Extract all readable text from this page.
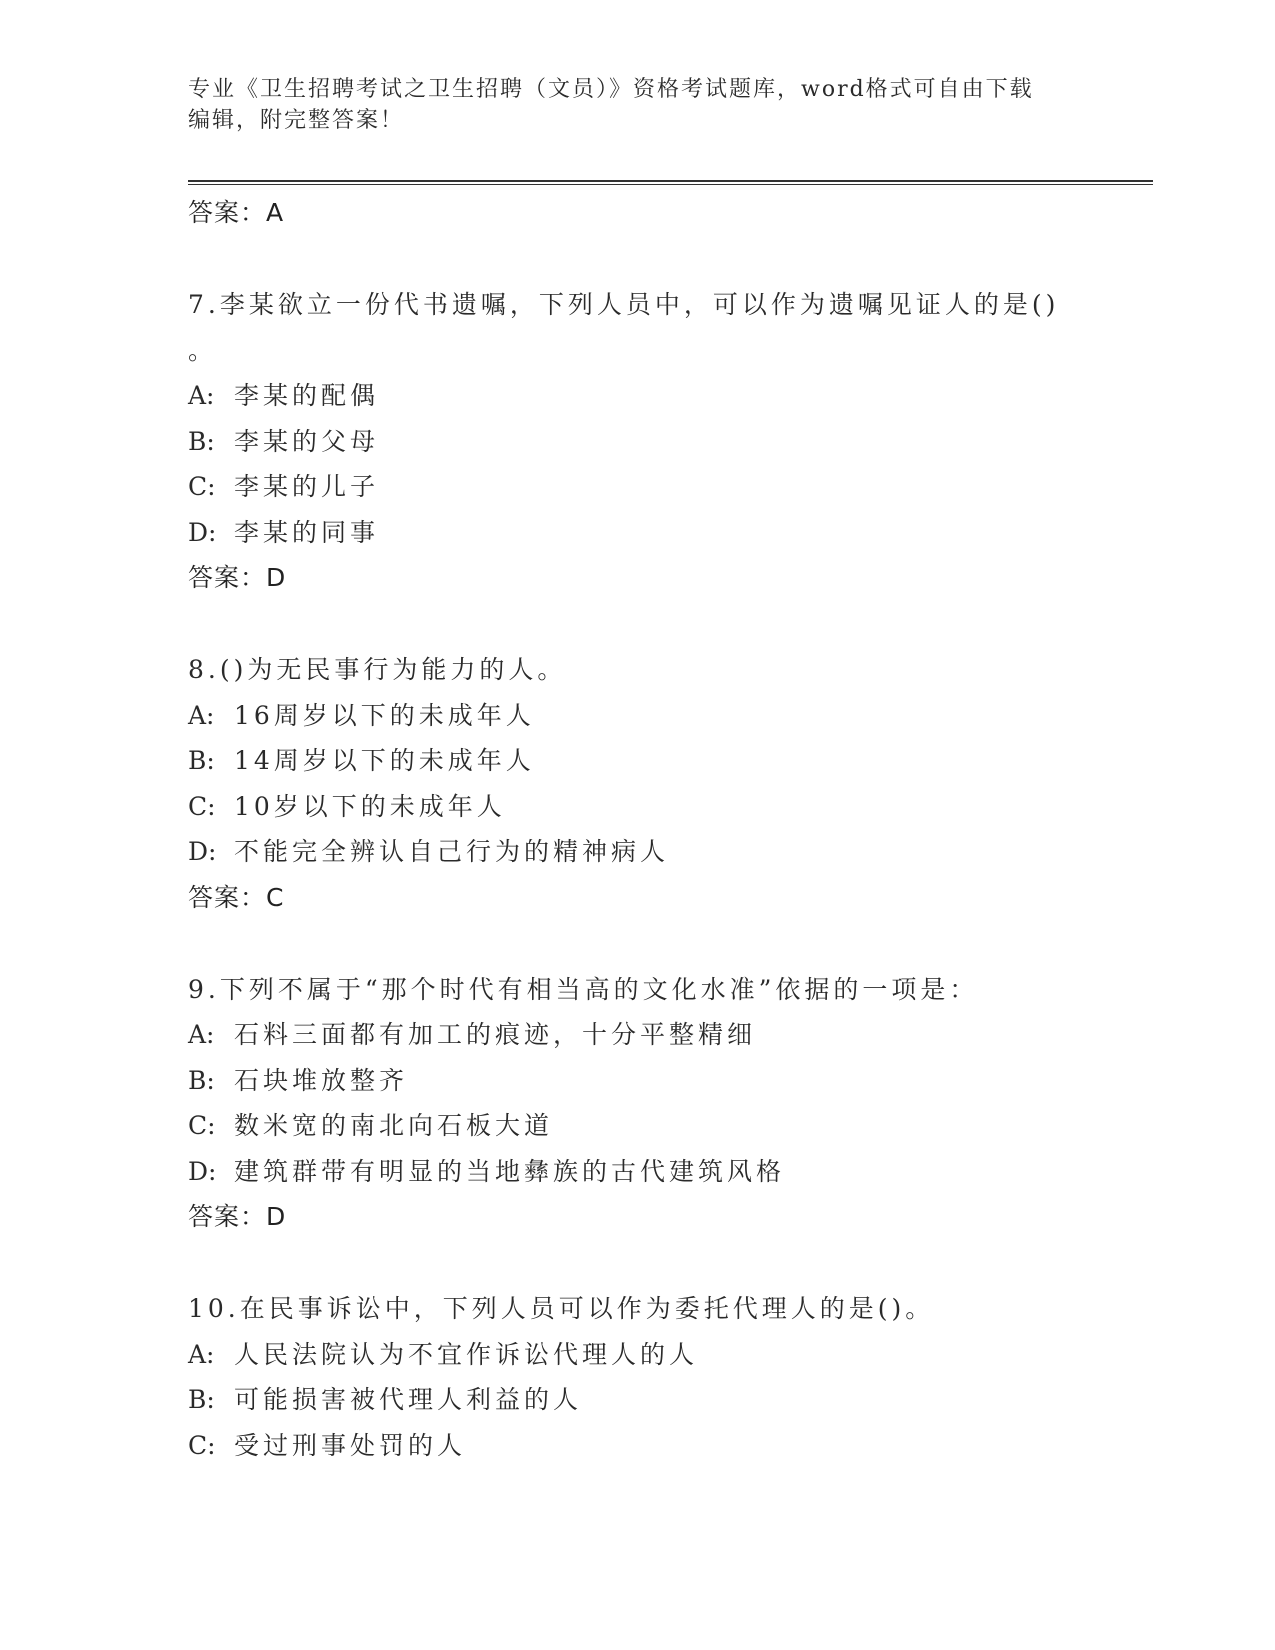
专业《卫生招聘考试之卫生招聘（文员）》资格考试题库，word格式可自由下载
编辑，附完整答案！
答案：A
7.李某欲立一份代书遗嘱，下列人员中，可以作为遗嘱见证人的是()
。
A: 李某的配偶
B: 李某的父母
C: 李某的儿子
D: 李某的同事
答案：D
8.()为无民事行为能力的人。
A: 16周岁以下的未成年人
B: 14周岁以下的未成年人
C: 10岁以下的未成年人
D: 不能完全辨认自己行为的精神病人
答案：C
9.下列不属于“那个时代有相当高的文化水准”依据的一项是：
A: 石料三面都有加工的痕迹，十分平整精细
B: 石块堆放整齐
C: 数米宽的南北向石板大道
D: 建筑群带有明显的当地彝族的古代建筑风格
答案：D
10.在民事诉讼中，下列人员可以作为委托代理人的是()。
A: 人民法院认为不宜作诉讼代理人的人
B: 可能损害被代理人利益的人
C: 受过刑事处罚的人
